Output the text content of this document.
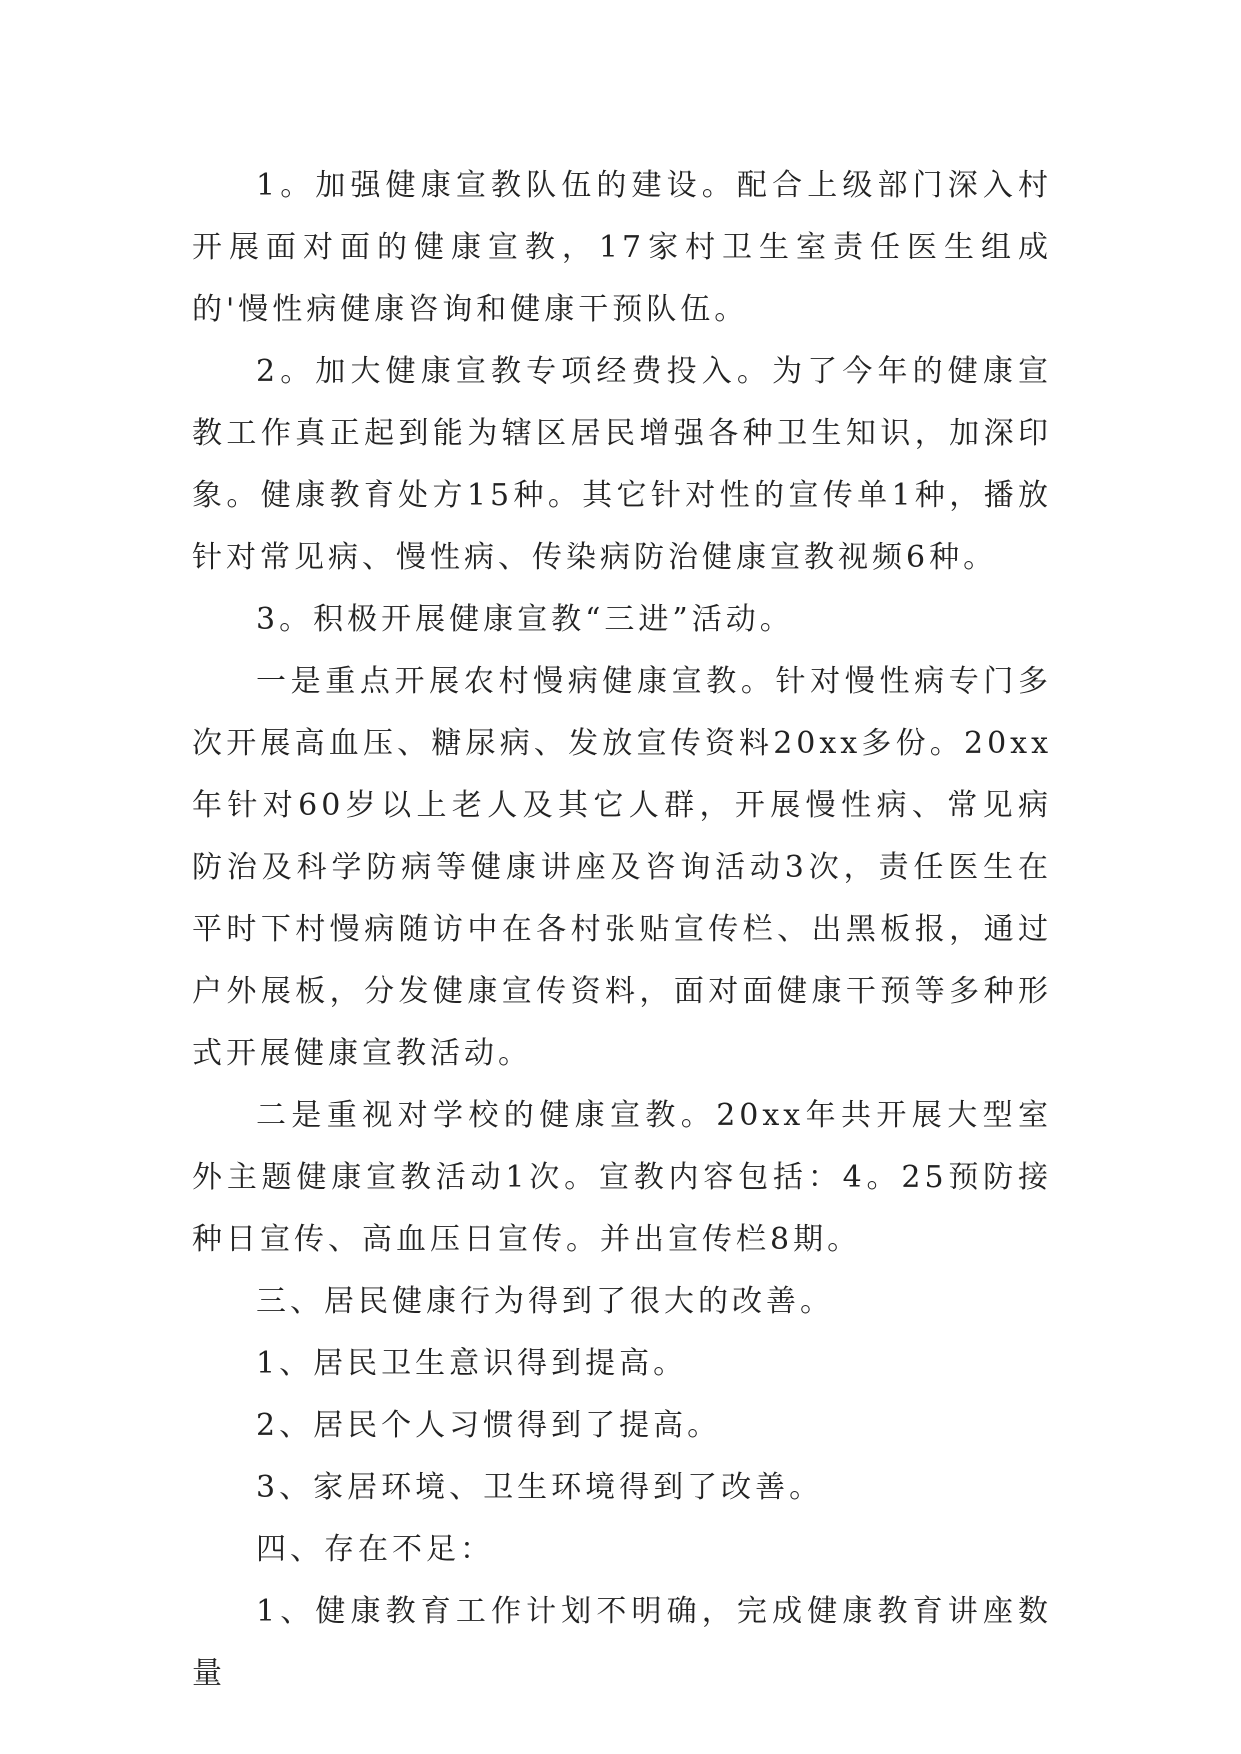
1。加强健康宣教队伍的建设。配合上级部门深入村开展面对面的健康宣教，17家村卫生室责任医生组成的'慢性病健康咨询和健康干预队伍。

2。加大健康宣教专项经费投入。为了今年的健康宣教工作真正起到能为辖区居民增强各种卫生知识，加深印象。健康教育处方15种。其它针对性的宣传单1种，播放针对常见病、慢性病、传染病防治健康宣教视频6种。

3。积极开展健康宣教“三进”活动。

一是重点开展农村慢病健康宣教。针对慢性病专门多次开展高血压、糖尿病、发放宣传资料20xx多份。20xx年针对60岁以上老人及其它人群，开展慢性病、常见病防治及科学防病等健康讲座及咨询活动3次，责任医生在平时下村慢病随访中在各村张贴宣传栏、出黑板报，通过户外展板，分发健康宣传资料，面对面健康干预等多种形式开展健康宣教活动。

二是重视对学校的健康宣教。20xx年共开展大型室外主题健康宣教活动1次。宣教内容包括：4。25预防接种日宣传、高血压日宣传。并出宣传栏8期。

三、居民健康行为得到了很大的改善。

1、居民卫生意识得到提高。

2、居民个人习惯得到了提高。

3、家居环境、卫生环境得到了改善。

四、存在不足：

1、健康教育工作计划不明确，完成健康教育讲座数量
